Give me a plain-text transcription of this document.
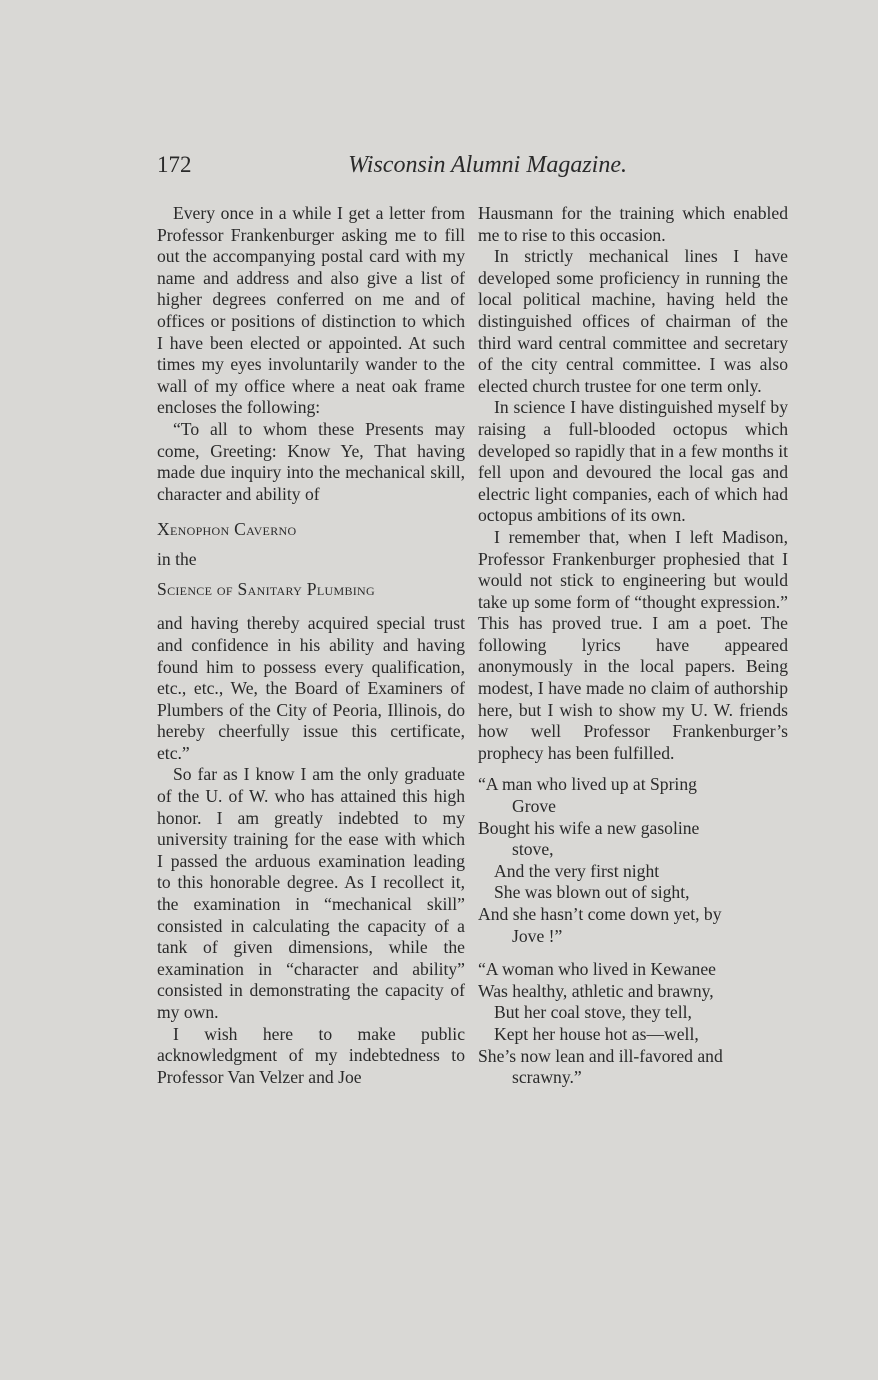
172	Wisconsin Alumni Magazine.

Every once in a while I get a letter from Professor Frankenburger asking me to fill out the accompanying postal card with my name and address and also give a list of higher degrees conferred on me and of offices or positions of distinction to which I have been elected or appointed. At such times my eyes involuntarily wander to the wall of my office where a neat oak frame encloses the following:

“To all to whom these Presents may come, Greeting: Know Ye, That having made due inquiry into the mechanical skill, character and ability of

Xenophon Caverno

in the

Science of Sanitary Plumbing

and having thereby acquired special trust and confidence in his ability and having found him to possess every qualification, etc., etc., We, the Board of Examiners of Plumbers of the City of Peoria, Illinois, do hereby cheerfully issue this certificate, etc.”

So far as I know I am the only graduate of the U. of W. who has attained this high honor. I am greatly indebted to my university training for the ease with which I passed the arduous examination leading to this honorable degree. As I recollect it, the examination in “mechanical skill” consisted in calculating the capacity of a tank of given dimensions, while the examination in “character and ability” consisted in demonstrating the capacity of my own.

I wish here to make public acknowledgment of my indebtedness to Professor Van Velzer and Joe

Hausmann for the training which enabled me to rise to this occasion.

In strictly mechanical lines I have developed some proficiency in running the local political machine, having held the distinguished offices of chairman of the third ward central committee and secretary of the city central committee. I was also elected church trustee for one term only.

In science I have distinguished myself by raising a full-blooded octopus which developed so rapidly that in a few months it fell upon and devoured the local gas and electric light companies, each of which had octopus ambitions of its own.

I remember that, when I left Madison, Professor Frankenburger prophesied that I would not stick to engineering but would take up some form of “thought expression.” This has proved true. I am a poet. The following lyrics have appeared anonymously in the local papers. Being modest, I have made no claim of authorship here, but I wish to show my U. W. friends how well Professor Frankenburger’s prophecy has been fulfilled.

“A man who lived up at Spring

Grove

Bought his wife a new gasoline

stove,

And the very first night

She was blown out of sight,

And she hasn’t come down yet, by

Jove !”

“A woman who lived in Kewanee

Was healthy, athletic and brawny,

But her coal stove, they tell,

Kept her house hot as—well,

She’s now lean and ill-favored and

scrawny.”
